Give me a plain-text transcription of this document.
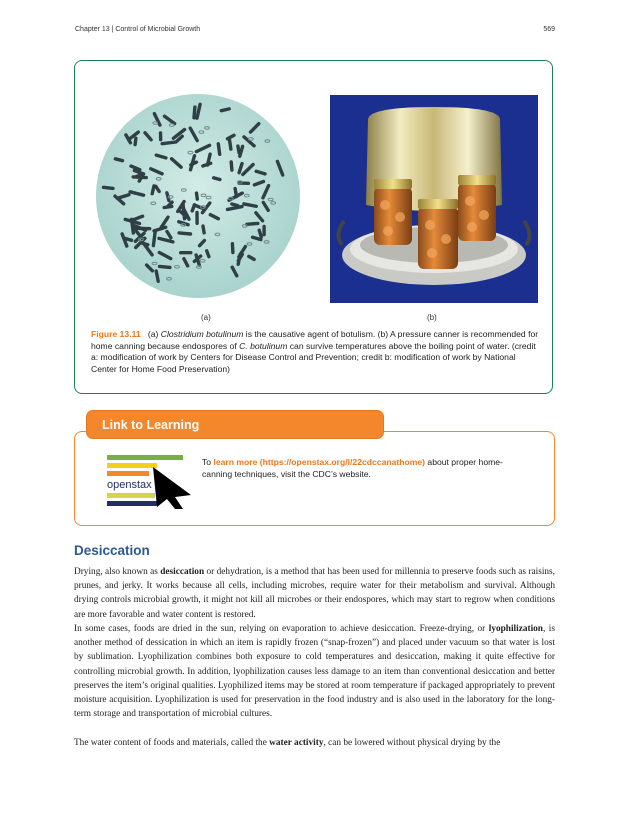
Chapter 13 | Control of Microbial Growth	569
(a)	(b)
Figure 13.11 (a) Clostridium botulinum is the causative agent of botulism. (b) A pressure canner is recommended for home canning because endospores of C. botulinum can survive temperatures above the boiling point of water. (credit a: modification of work by Centers for Disease Control and Prevention; credit b: modification of work by National Center for Home Food Preservation)
openstax
To learn more (https://openstax.org/l/22cdccanathome) about proper home-canning techniques, visit the CDC’s website.
Link to Learning
Desiccation

Drying, also known as desiccation or dehydration, is a method that has been used for millennia to preserve foods such as raisins, prunes, and jerky. It works because all cells, including microbes, require water for their metabolism and survival. Although drying controls microbial growth, it might not kill all microbes or their endospores, which may start to regrow when conditions are more favorable and water content is restored.

In some cases, foods are dried in the sun, relying on evaporation to achieve desiccation. Freeze-drying, or lyophilization, is another method of dessication in which an item is rapidly frozen (“snap-frozen”) and placed under vacuum so that water is lost by sublimation. Lyophilization combines both exposure to cold temperatures and desiccation, making it quite effective for controlling microbial growth. In addition, lyophilization causes less damage to an item than conventional desiccation and better preserves the item’s original qualities. Lyophilized items may be stored at room temperature if packaged appropriately to prevent moisture acquisition. Lyophilization is used for preservation in the food industry and is also used in the laboratory for the long-term storage and transportation of microbial cultures.

The water content of foods and materials, called the water activity, can be lowered without physical drying by the
